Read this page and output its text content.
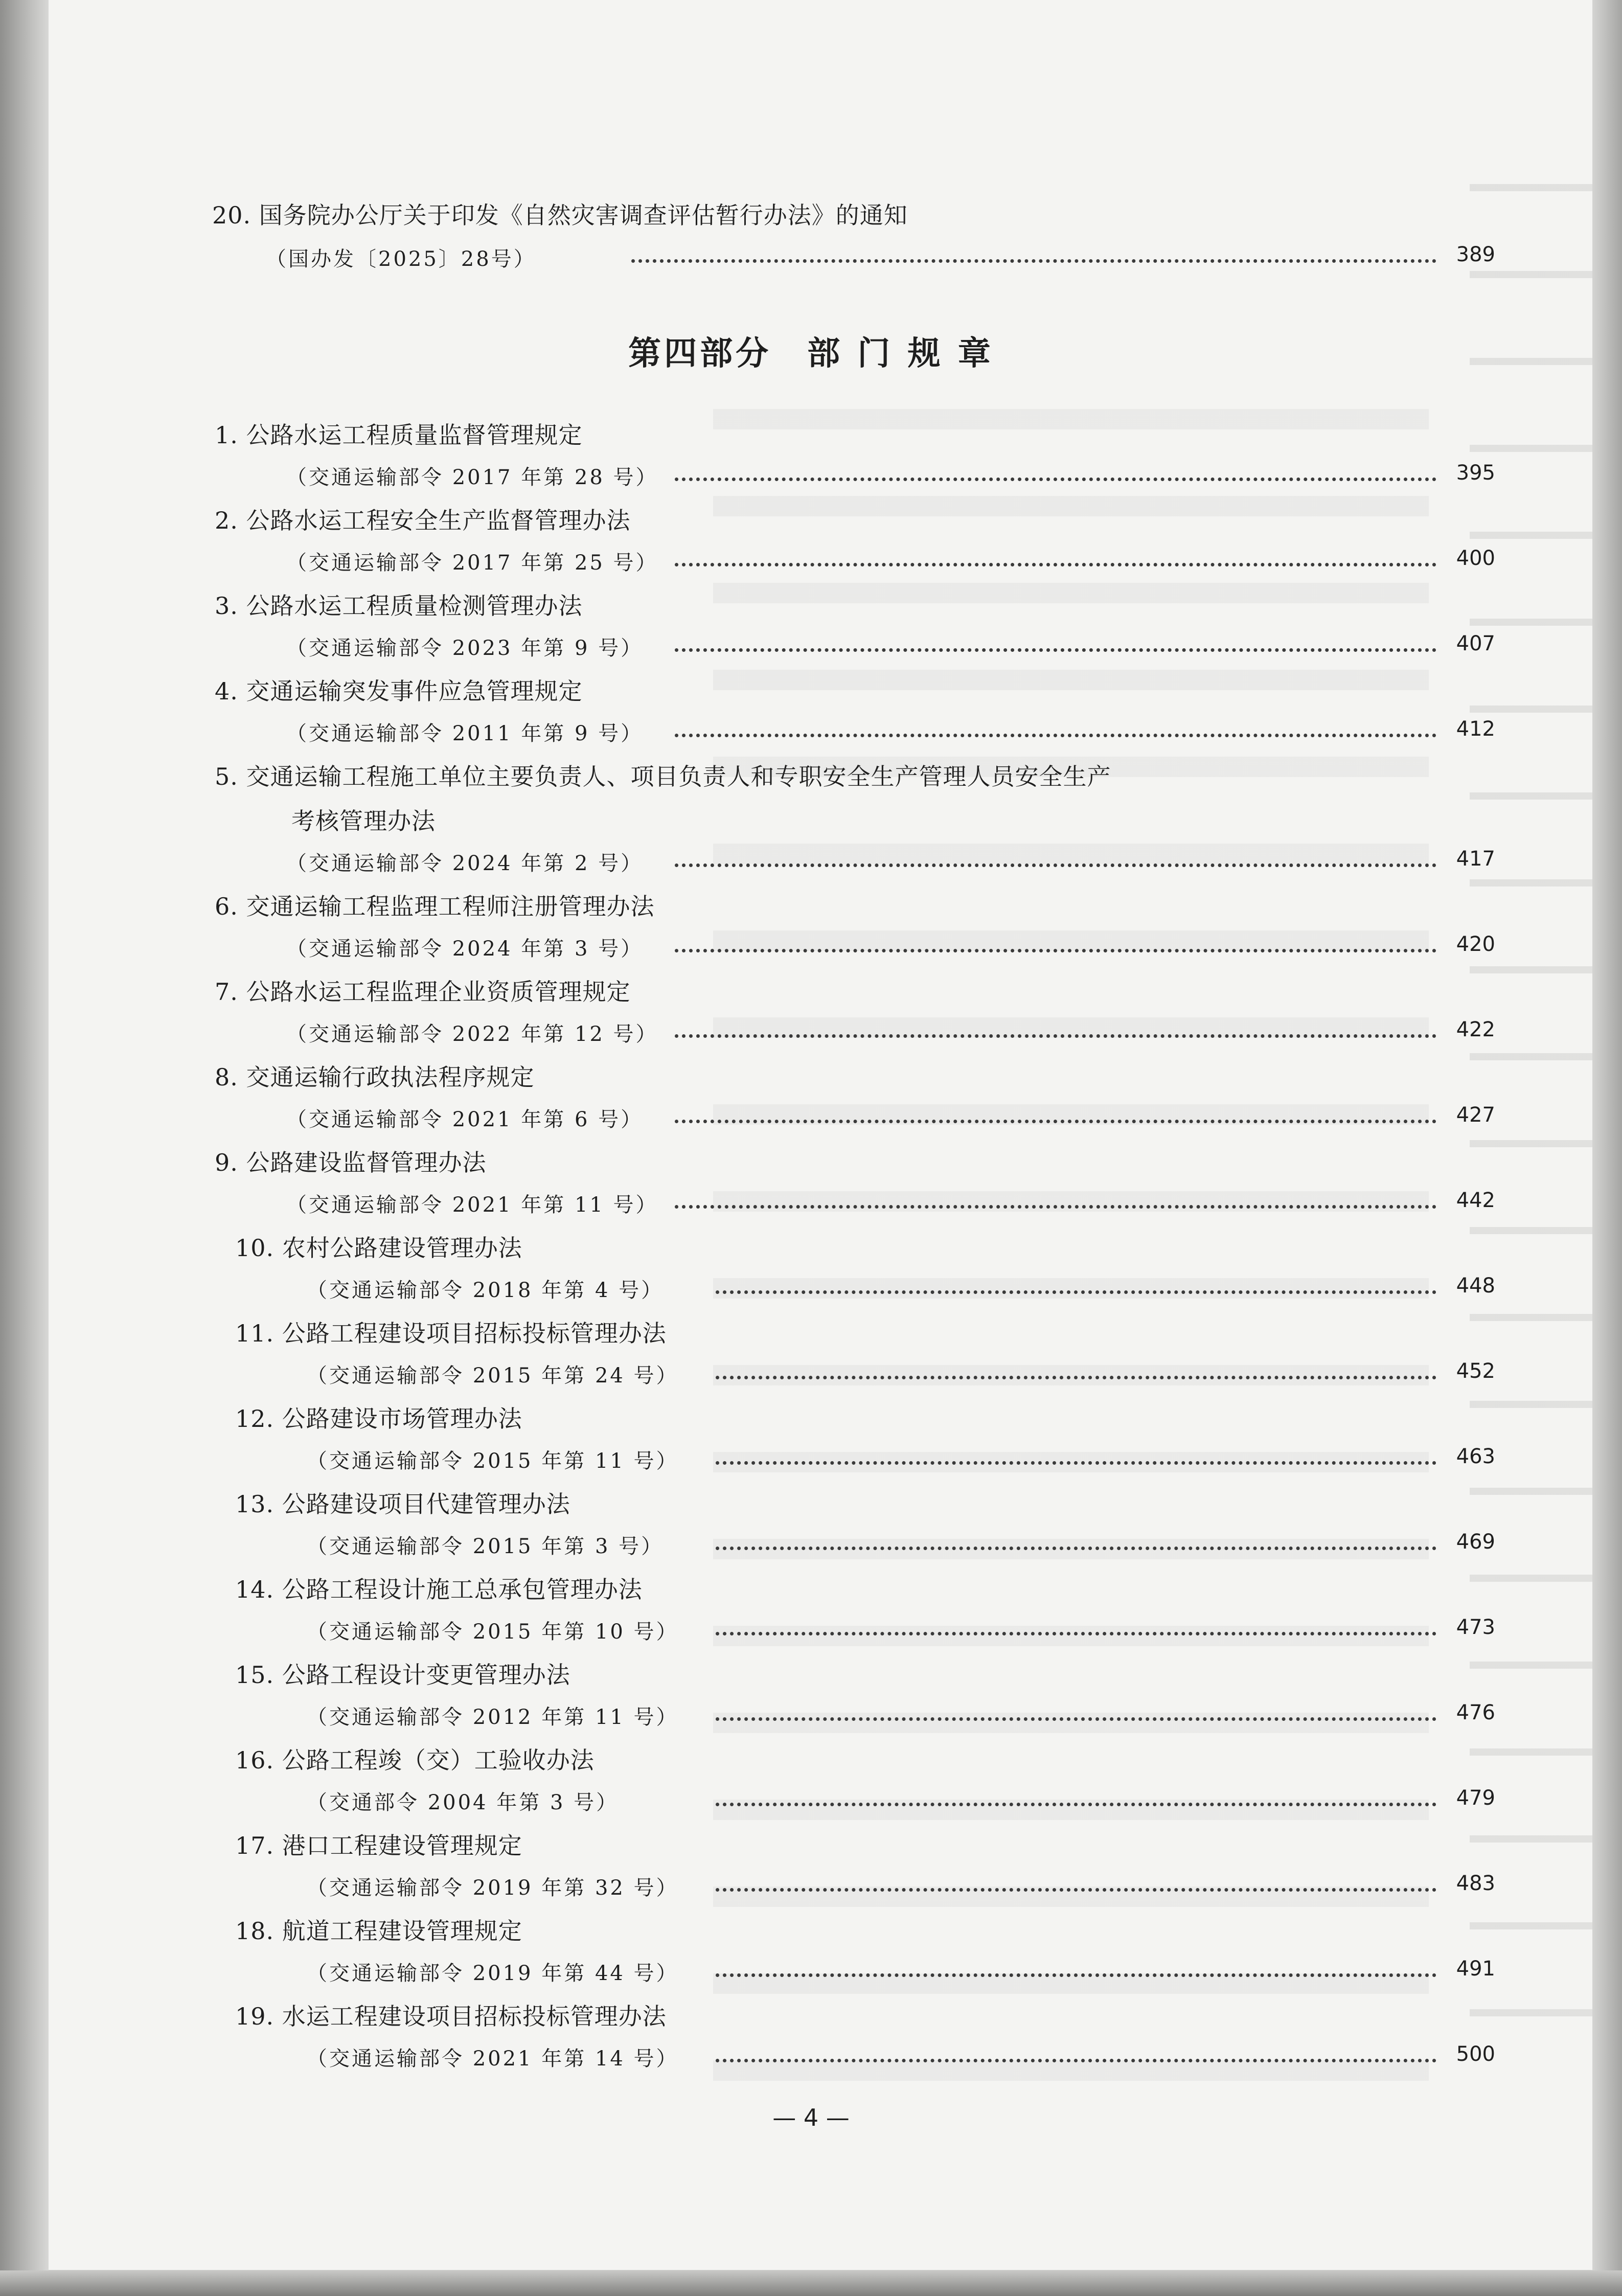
20. 国务院办公厅关于印发《自然灾害调查评估暂行办法》的通知
（国办发〔2025〕28号）	389
第四部分　部 门 规 章
1. 公路水运工程质量监督管理规定
（交通运输部令 2017 年第 28 号）	395
2. 公路水运工程安全生产监督管理办法
（交通运输部令 2017 年第 25 号）	400
3. 公路水运工程质量检测管理办法
（交通运输部令 2023 年第 9 号）	407
4. 交通运输突发事件应急管理规定
（交通运输部令 2011 年第 9 号）	412
5. 交通运输工程施工单位主要负责人、项目负责人和专职安全生产管理人员安全生产
考核管理办法
（交通运输部令 2024 年第 2 号）	417
6. 交通运输工程监理工程师注册管理办法
（交通运输部令 2024 年第 3 号）	420
7. 公路水运工程监理企业资质管理规定
（交通运输部令 2022 年第 12 号）	422
8. 交通运输行政执法程序规定
（交通运输部令 2021 年第 6 号）	427
9. 公路建设监督管理办法
（交通运输部令 2021 年第 11 号）	442
10. 农村公路建设管理办法
（交通运输部令 2018 年第 4 号）	448
11. 公路工程建设项目招标投标管理办法
（交通运输部令 2015 年第 24 号）	452
12. 公路建设市场管理办法
（交通运输部令 2015 年第 11 号）	463
13. 公路建设项目代建管理办法
（交通运输部令 2015 年第 3 号）	469
14. 公路工程设计施工总承包管理办法
（交通运输部令 2015 年第 10 号）	473
15. 公路工程设计变更管理办法
（交通运输部令 2012 年第 11 号）	476
16. 公路工程竣（交）工验收办法
（交通部令 2004 年第 3 号）	479
17. 港口工程建设管理规定
（交通运输部令 2019 年第 32 号）	483
18. 航道工程建设管理规定
（交通运输部令 2019 年第 44 号）	491
19. 水运工程建设项目招标投标管理办法
（交通运输部令 2021 年第 14 号）	500
— 4 —
